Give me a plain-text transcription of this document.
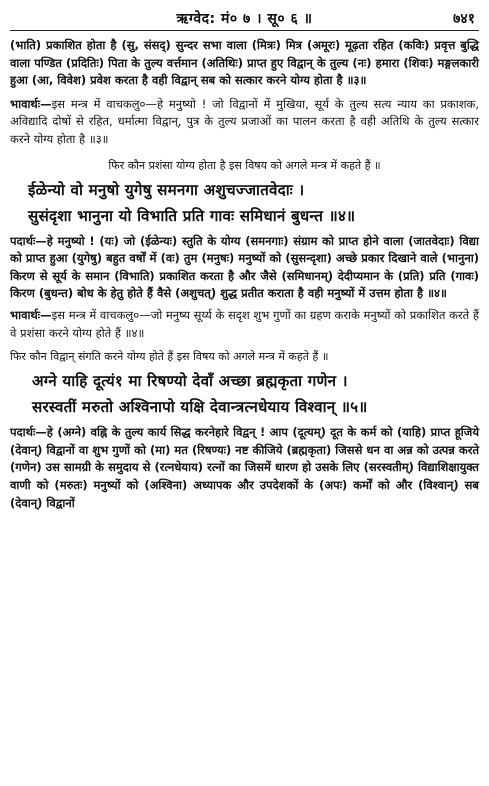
ऋग्वेद: मं० ७ । सू० ६ ॥	७४१

(भाति) प्रकाशित होता है (सु, संसद्) सुन्दर सभा वाला (मित्रः) मित्र (अमूरः) मूढ़ता रहित (कविः) प्रवृत्त बुद्धि वाला पण्डित (प्रदितिः) पिता के तुल्य वर्त्तमान (अतिथिः) प्राप्त हुए विद्वान् के तुल्य (नः) हमारा (शिवः) मङ्गलकारी हुआ (आ, विवेश) प्रवेश करता है वही विद्वान् सब को सत्कार करने योग्य होता है ॥३॥

भावार्थः—इस मन्त्र में वाचकलु०—हे मनुष्यो ! जो विद्वानों में मुखिया, सूर्य के तुल्य सत्य न्याय का प्रकाशक, अविद्यादि दोषों से रहित, धर्मात्मा विद्वान्, पुत्र के तुल्य प्रजाओं का पालन करता है वही अतिथि के तुल्य सत्कार करने योग्य होता है ॥३॥

फिर कौन प्रशंसा योग्य होता है इस विषय को अगले मन्त्र में कहते हैं ॥

ईळेन्यो वो मनुषो युगेषु समनगा अशुचज्जातवेदाः ।
सुसंदृशा भानुना यो विभाति प्रति गावः समिधानं बुधन्त ॥४॥

पदार्थः—हे मनुष्यो ! (यः) जो (ईळेन्यः) स्तुति के योग्य (समनगाः) संग्राम को प्राप्त होने वाला (जातवेदाः) विद्या को प्राप्त हुआ (युगेषु) बहुत वर्षों में (वः) तुम (मनुषः) मनुष्यों को (सुसन्दृशा) अच्छे प्रकार दिखाने वाले (भानुना) किरण से सूर्य के समान (विभाति) प्रकाशित करता है और जैसे (समिधानम्) देदीप्यमान के (प्रति) प्रति (गावः) किरण (बुधन्त) बोध के हेतु होते हैं वैसे (अशुचत्) शुद्ध प्रतीत कराता है वही मनुष्यों में उत्तम होता है ॥४॥

भावार्थः—इस मन्त्र में वाचकलु०—जो मनुष्य सूर्य्य के सदृश शुभ गुणों का ग्रहण कराके मनुष्यों को प्रकाशित करते हैं वे प्रशंसा करने योग्य होते हैं ॥४॥

फिर कौन विद्वान् संगति करने योग्य होते हैं इस विषय को अगले मन्त्र में कहते हैं ॥

अग्ने याहि दूत्यं१ मा रिषण्यो देवाँ अच्छा ब्रह्मकृता गणेन ।
सरस्वतीं मरुतो अश्विनापो यक्षि देवान्त्रत्नधेयाय विश्वान् ॥५॥

पदार्थः—हे (अग्ने) वह्नि के तुल्य कार्य सिद्ध करनेहारे विद्वन् ! आप (दूत्यम्) दूत के कर्म को (याहि) प्राप्त हूजिये (देवान्) विद्वानों वा शुभ गुणों को (मा) मत (रिषण्यः) नष्ट कीजिये (ब्रह्मकृता) जिससे धन वा अन्न को उत्पन्न करते (गणेन) उस सामग्री के समुदाय से (रत्नधेयाय) रत्नों का जिसमें धारण हो उसके लिए (सरस्वतीम्) विद्याशिक्षायुक्त वाणी को (मरुतः) मनुष्यों को (अश्विना) अध्यापक और उपदेशकों के (अपः) कर्मों को और (विश्वान्) सब (देवान्) विद्वानों
